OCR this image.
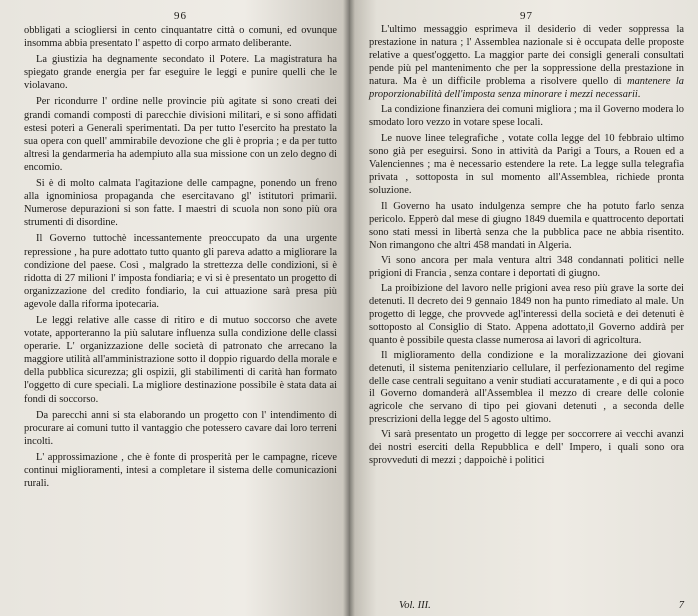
96

obbligati a sciogliersi in cento cinquantatre città o comuni, ed ovunque insomma abbia presentato l' aspetto di corpo armato deliberante.

La giustizia ha degnamente secondato il Potere. La magistratura ha spiegato grande energia per far eseguire le leggi e punire quelli che le violavano.

Per ricondurre l' ordine nelle provincie più agitate si sono creati dei grandi comandi composti di parecchie divisioni militari, e si sono affidati estesi poteri a Generali sperimentati. Da per tutto l'esercito ha prestato la sua opera con quell' ammirabile devozione che gli è propria ; e da per tutto altresì la gendarmeria ha adempiuto alla sua missione con un zelo degno di encomio.

Si è di molto calmata l'agitazione delle campagne, ponendo un freno alla ignominiosa propaganda che esercitavano gl' istitutori primarii. Numerose depurazioni si son fatte. I maestri di scuola non sono più ora strumenti di disordine.

Il Governo tuttochè incessantemente preoccupato da una urgente repressione , ha pure adottato tutto quanto gli pareva adatto a migliorare la condizione del paese. Così , malgrado la strettezza delle condizioni, si è ridotta di 27 milioni l' imposta fondiaria; e vi si è presentato un progetto di organizzazione del credito fondiario, la cui attuazione sarà presa più agevole dalla riforma ipotecaria.

Le leggi relative alle casse di ritiro e di mutuo soccorso che avete votate, apporteranno la più salutare influenza sulla condizione delle classi operarie. L' organizzazione delle società di patronato che arrecano la maggiore utilità all'amministrazione sotto il doppio riguardo della morale e della pubblica sicurezza; gli ospizii, gli stabilimenti di carità han formato l'oggetto di cure speciali. La migliore destinazione possibile è stata data ai fondi di soccorso.

Da parecchi anni si sta elaborando un progetto con l' intendimento di procurare ai comuni tutto il vantaggio che potessero cavare dai loro terreni incolti.

L' approssimazione , che è fonte di prosperità per le campagne, riceve continui miglioramenti, intesi a completare il sistema delle comunicazioni rurali.

97

L'ultimo messaggio esprimeva il desiderio di veder soppressa la prestazione in natura ; l' Assemblea nazionale si è occupata delle proposte relative a quest'oggetto. La maggior parte dei consigli generali consultati pende più pel mantenimento che per la soppressione della prestazione in natura. Ma è un difficile problema a risolvere quello di mantenere la proporzionabilità dell'imposta senza minorare i mezzi necessarii.

La condizione finanziera dei comuni migliora ; ma il Governo modera lo smodato loro vezzo in votare spese locali.

Le nuove linee telegrafiche , votate colla legge del 10 febbraio ultimo sono già per eseguirsi. Sono in attività da Parigi a Tours, a Rouen ed a Valenciennes ; ma è necessario estendere la rete. La legge sulla telegrafia privata , sottoposta in sul momento all'Assemblea, richiede pronta soluzione.

Il Governo ha usato indulgenza sempre che ha potuto farlo senza pericolo. Epperò dal mese di giugno 1849 duemila e quattrocento deportati sono stati messi in libertà senza che la pubblica pace ne abbia risentito. Non rimangono che altri 458 mandati in Algeria.

Vi sono ancora per mala ventura altri 348 condannati politici nelle prigioni di Francia , senza contare i deportati di giugno.

La proibizione del lavoro nelle prigioni avea reso più grave la sorte dei detenuti. Il decreto dei 9 gennaio 1849 non ha punto rimediato al male. Un progetto di legge, che provvede agl'interessi della società e dei detenuti è sottoposto al Consiglio di Stato. Appena adottato,il Governo addirà per quanto è possibile questa classe numerosa ai lavori di agricoltura.

Il miglioramento della condizione e la moralizzazione dei giovani detenuti, il sistema penitenziario cellulare, il perfezionamento del regime delle case centrali seguitano a venir studiati accuratamente , e di qui a poco il Governo domanderà all'Assemblea il mezzo di creare delle colonie agricole che servano di tipo pei giovani detenuti , a seconda delle prescrizioni della legge del 5 agosto ultimo.

Vi sarà presentato un progetto di legge per soccorrere ai vecchi avanzi dei nostri eserciti della Repubblica e dell' Impero, i quali sono ora sprovveduti di mezzi ; dappoichè i politici

Vol. III.	7
